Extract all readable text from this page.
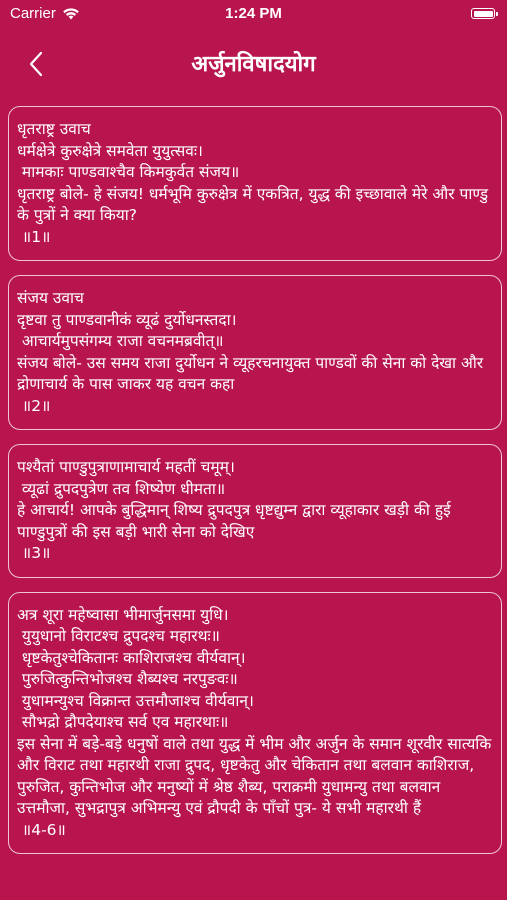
Carrier	1:24 PM
अर्जुनविषादयोग
धृतराष्ट्र उवाच
धर्मक्षेत्रे कुरुक्षेत्रे समवेता युयुत्सवः।
मामकाः पाण्डवाश्चैव किमकुर्वत संजय॥
धृतराष्ट्र बोले- हे संजय! धर्मभूमि कुरुक्षेत्र में एकत्रित, युद्ध की इच्छावाले मेरे और पाण्डु के पुत्रों ने क्या किया?
॥1॥
संजय उवाच
दृष्टवा तु पाण्डवानीकं व्यूढं दुर्योधनस्तदा।
आचार्यमुपसंगम्य राजा वचनमब्रवीत्‌॥
संजय बोले- उस समय राजा दुर्योधन ने व्यूहरचनायुक्त पाण्डवों की सेना को देखा और द्रोणाचार्य के पास जाकर यह वचन कहा
॥2॥
पश्यैतां पाण्डुपुत्राणामाचार्य महतीं चमूम्‌।
व्यूढां द्रुपदपुत्रेण तव शिष्येण धीमता॥
हे आचार्य! आपके बुद्धिमान्‌ शिष्य द्रुपदपुत्र धृष्टद्युम्न द्वारा व्यूहाकार खड़ी की हुई पाण्डुपुत्रों की इस बड़ी भारी सेना को देखिए
॥3॥
अत्र शूरा महेष्वासा भीमार्जुनसमा युधि।
युयुधानो विराटश्च द्रुपदश्च महारथः॥
धृष्टकेतुश्चेकितानः काशिराजश्च वीर्यवान्‌।
पुरुजित्कुन्तिभोजश्च शैब्यश्च नरपुङवः॥
युधामन्युश्च विक्रान्त उत्तमौजाश्च वीर्यवान्‌।
सौभद्रो द्रौपदेयाश्च सर्व एव महारथाः॥
इस सेना में बड़े-बड़े धनुषों वाले तथा युद्ध में भीम और अर्जुन के समान शूरवीर सात्यकि और विराट तथा महारथी राजा द्रुपद, धृष्टकेतु और चेकितान तथा बलवान काशिराज, पुरुजित, कुन्तिभोज और मनुष्यों में श्रेष्ठ शैब्य, पराक्रमी युधामन्यु तथा बलवान उत्तमौजा, सुभद्रापुत्र अभिमन्यु एवं द्रौपदी के पाँचों पुत्र- ये सभी महारथी हैं
॥4-6॥
